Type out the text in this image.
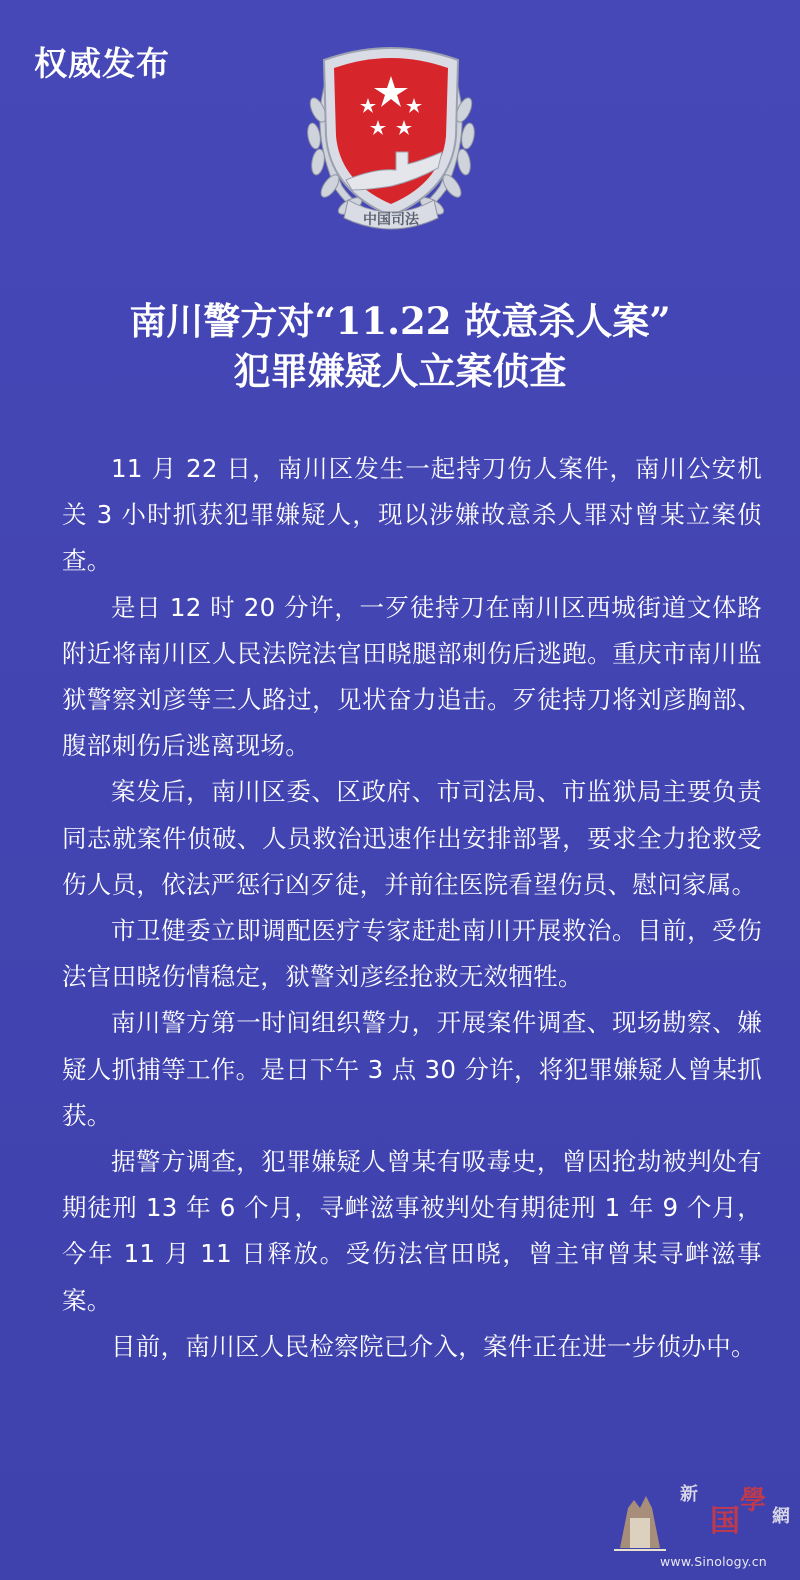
权威发布
中国司法
南川警方对“11.22 故意杀人案”
犯罪嫌疑人立案侦查

11 月 22 日，南川区发生一起持刀伤人案件，南川公安机关 3 小时抓获犯罪嫌疑人，现以涉嫌故意杀人罪对曾某立案侦查。

是日 12 时 20 分许，一歹徒持刀在南川区西城街道文体路附近将南川区人民法院法官田晓腿部刺伤后逃跑。重庆市南川监狱警察刘彦等三人路过，见状奋力追击。歹徒持刀将刘彦胸部、腹部刺伤后逃离现场。

案发后，南川区委、区政府、市司法局、市监狱局主要负责同志就案件侦破、人员救治迅速作出安排部署，要求全力抢救受伤人员，依法严惩行凶歹徒，并前往医院看望伤员、慰问家属。

市卫健委立即调配医疗专家赶赴南川开展救治。目前，受伤法官田晓伤情稳定，狱警刘彦经抢救无效牺牲。

南川警方第一时间组织警力，开展案件调查、现场勘察、嫌疑人抓捕等工作。是日下午 3 点 30 分许，将犯罪嫌疑人曾某抓获。

据警方调查，犯罪嫌疑人曾某有吸毒史，曾因抢劫被判处有期徒刑 13 年 6 个月，寻衅滋事被判处有期徒刑 1 年 9 个月，今年 11 月 11 日释放。受伤法官田晓，曾主审曾某寻衅滋事案。

目前，南川区人民检察院已介入，案件正在进一步侦办中。

新
国
學
網
www.Sinology.cn
